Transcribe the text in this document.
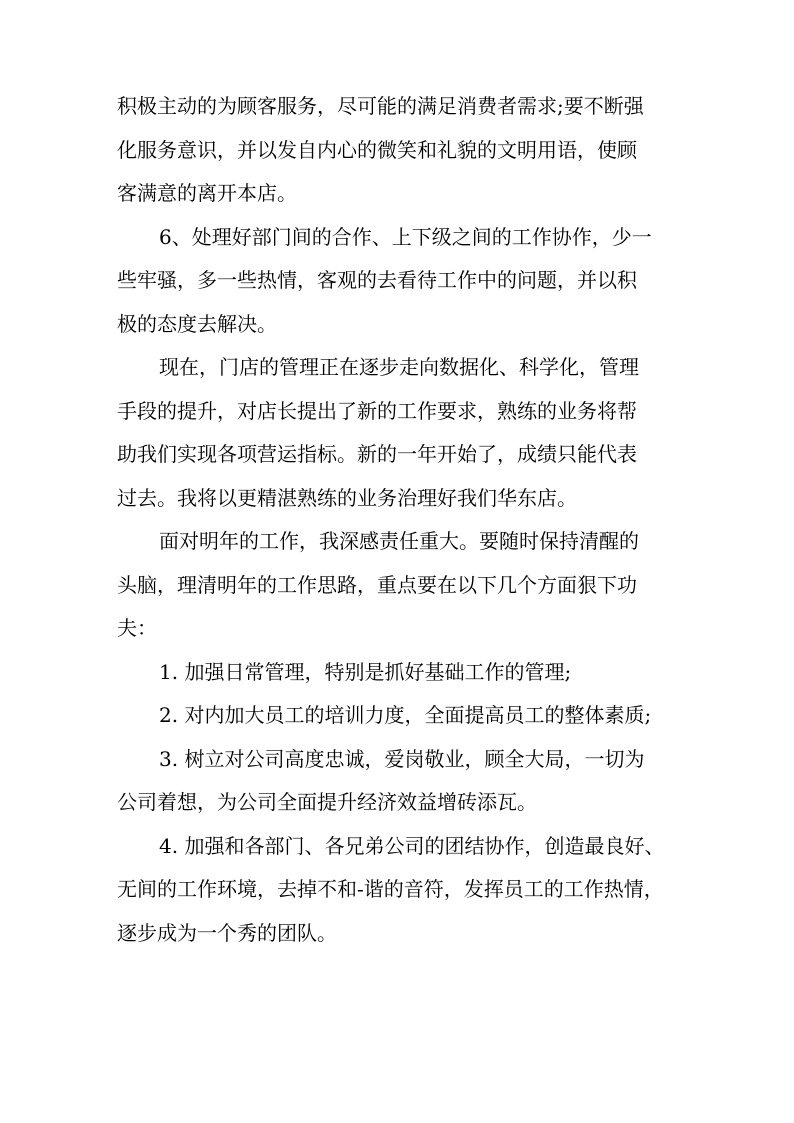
积极主动的为顾客服务，尽可能的满足消费者需求;要不断强
化服务意识，并以发自内心的微笑和礼貌的文明用语，使顾
客满意的离开本店。
6、处理好部门间的合作、上下级之间的工作协作，少一
些牢骚，多一些热情，客观的去看待工作中的问题，并以积
极的态度去解决。
现在，门店的管理正在逐步走向数据化、科学化，管理
手段的提升，对店长提出了新的工作要求，熟练的业务将帮
助我们实现各项营运指标。新的一年开始了，成绩只能代表
过去。我将以更精湛熟练的业务治理好我们华东店。
面对明年的工作，我深感责任重大。要随时保持清醒的
头脑，理清明年的工作思路，重点要在以下几个方面狠下功
夫：
1. 加强日常管理，特别是抓好基础工作的管理;
2. 对内加大员工的培训力度，全面提高员工的整体素质;
3. 树立对公司高度忠诚，爱岗敬业，顾全大局，一切为
公司着想，为公司全面提升经济效益增砖添瓦。
4. 加强和各部门、各兄弟公司的团结协作，创造最良好、
无间的工作环境，去掉不和-谐的音符，发挥员工的工作热情，
逐步成为一个秀的团队。
